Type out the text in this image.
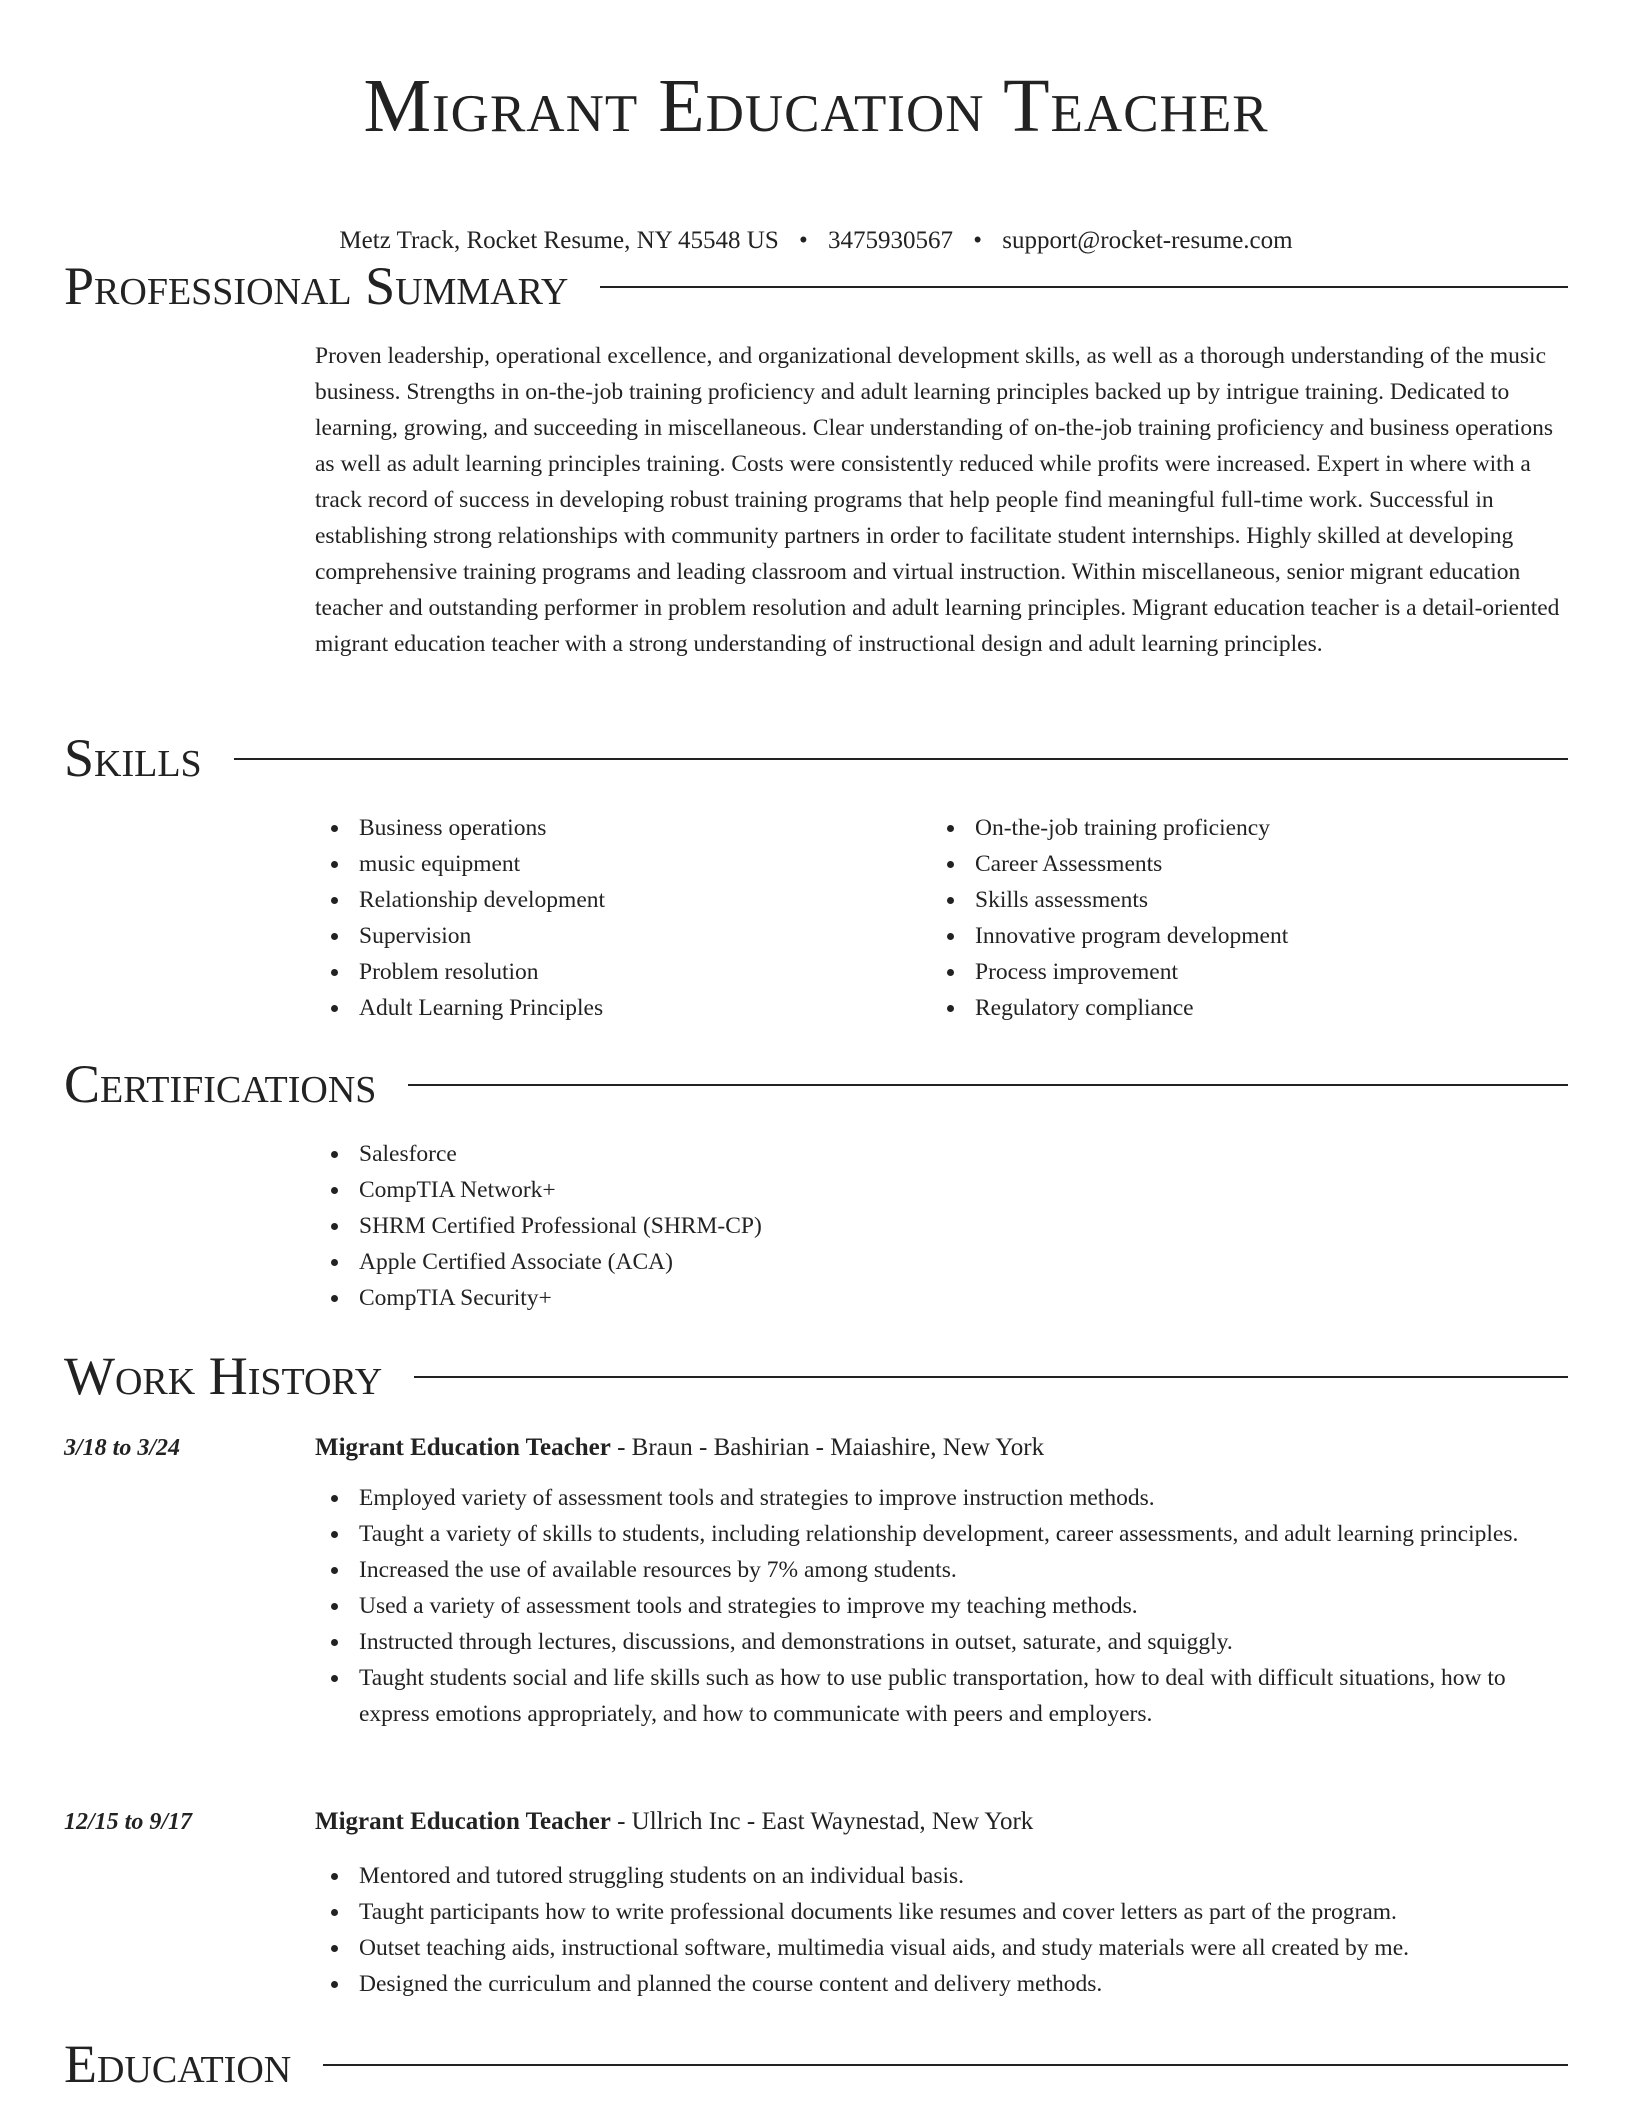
Migrant Education Teacher
Metz Track, Rocket Resume, NY 45548 US • 3475930567 • support@rocket-resume.com
Professional Summary

Proven leadership, operational excellence, and organizational development skills, as well as a thorough understanding of the music business. Strengths in on-the-job training proficiency and adult learning principles backed up by intrigue training. Dedicated to learning, growing, and succeeding in miscellaneous. Clear understanding of on-the-job training proficiency and business operations as well as adult learning principles training. Costs were consistently reduced while profits were increased. Expert in where with a track record of success in developing robust training programs that help people find meaningful full-time work. Successful in establishing strong relationships with community partners in order to facilitate student internships. Highly skilled at developing comprehensive training programs and leading classroom and virtual instruction. Within miscellaneous, senior migrant education teacher and outstanding performer in problem resolution and adult learning principles. Migrant education teacher is a detail-oriented migrant education teacher with a strong understanding of instructional design and adult learning principles.

Skills
Business operations
music equipment
Relationship development
Supervision
Problem resolution
Adult Learning Principles
On-the-job training proficiency
Career Assessments
Skills assessments
Innovative program development
Process improvement
Regulatory compliance
Certifications
Salesforce
CompTIA Network+
SHRM Certified Professional (SHRM-CP)
Apple Certified Associate (ACA)
CompTIA Security+
Work History
3/18 to 3/24	Migrant Education Teacher - Braun - Bashirian - Maiashire, New York
Employed variety of assessment tools and strategies to improve instruction methods.
Taught a variety of skills to students, including relationship development, career assessments, and adult learning principles.
Increased the use of available resources by 7% among students.
Used a variety of assessment tools and strategies to improve my teaching methods.
Instructed through lectures, discussions, and demonstrations in outset, saturate, and squiggly.
Taught students social and life skills such as how to use public transportation, how to deal with difficult situations, how to express emotions appropriately, and how to communicate with peers and employers.
12/15 to 9/17	Migrant Education Teacher - Ullrich Inc - East Waynestad, New York
Mentored and tutored struggling students on an individual basis.
Taught participants how to write professional documents like resumes and cover letters as part of the program.
Outset teaching aids, instructional software, multimedia visual aids, and study materials were all created by me.
Designed the curriculum and planned the course content and delivery methods.
Education
